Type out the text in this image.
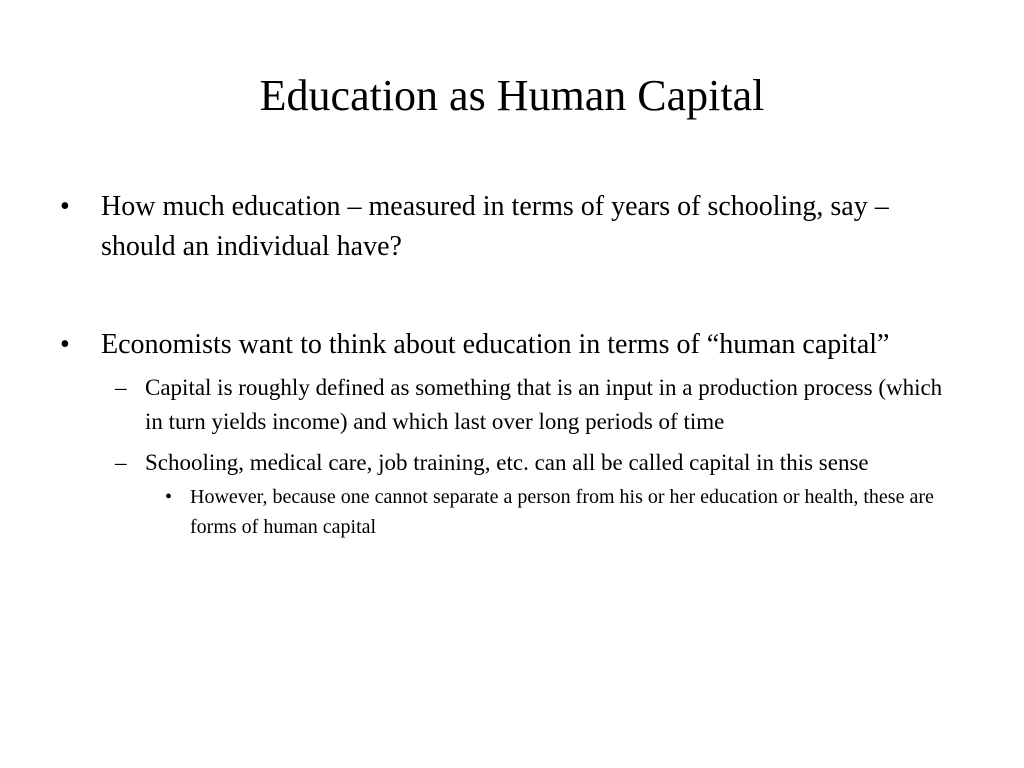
Education as Human Capital
• How much education – measured in terms of years of schooling, say – should an individual have?
• Economists want to think about education in terms of “human capital”
– Capital is roughly defined as something that is an input in a production process (which in turn yields income) and which last over long periods of time
– Schooling, medical care, job training, etc. can all be called capital in this sense
• However, because one cannot separate a person from his or her education or health, these are forms of human capital
